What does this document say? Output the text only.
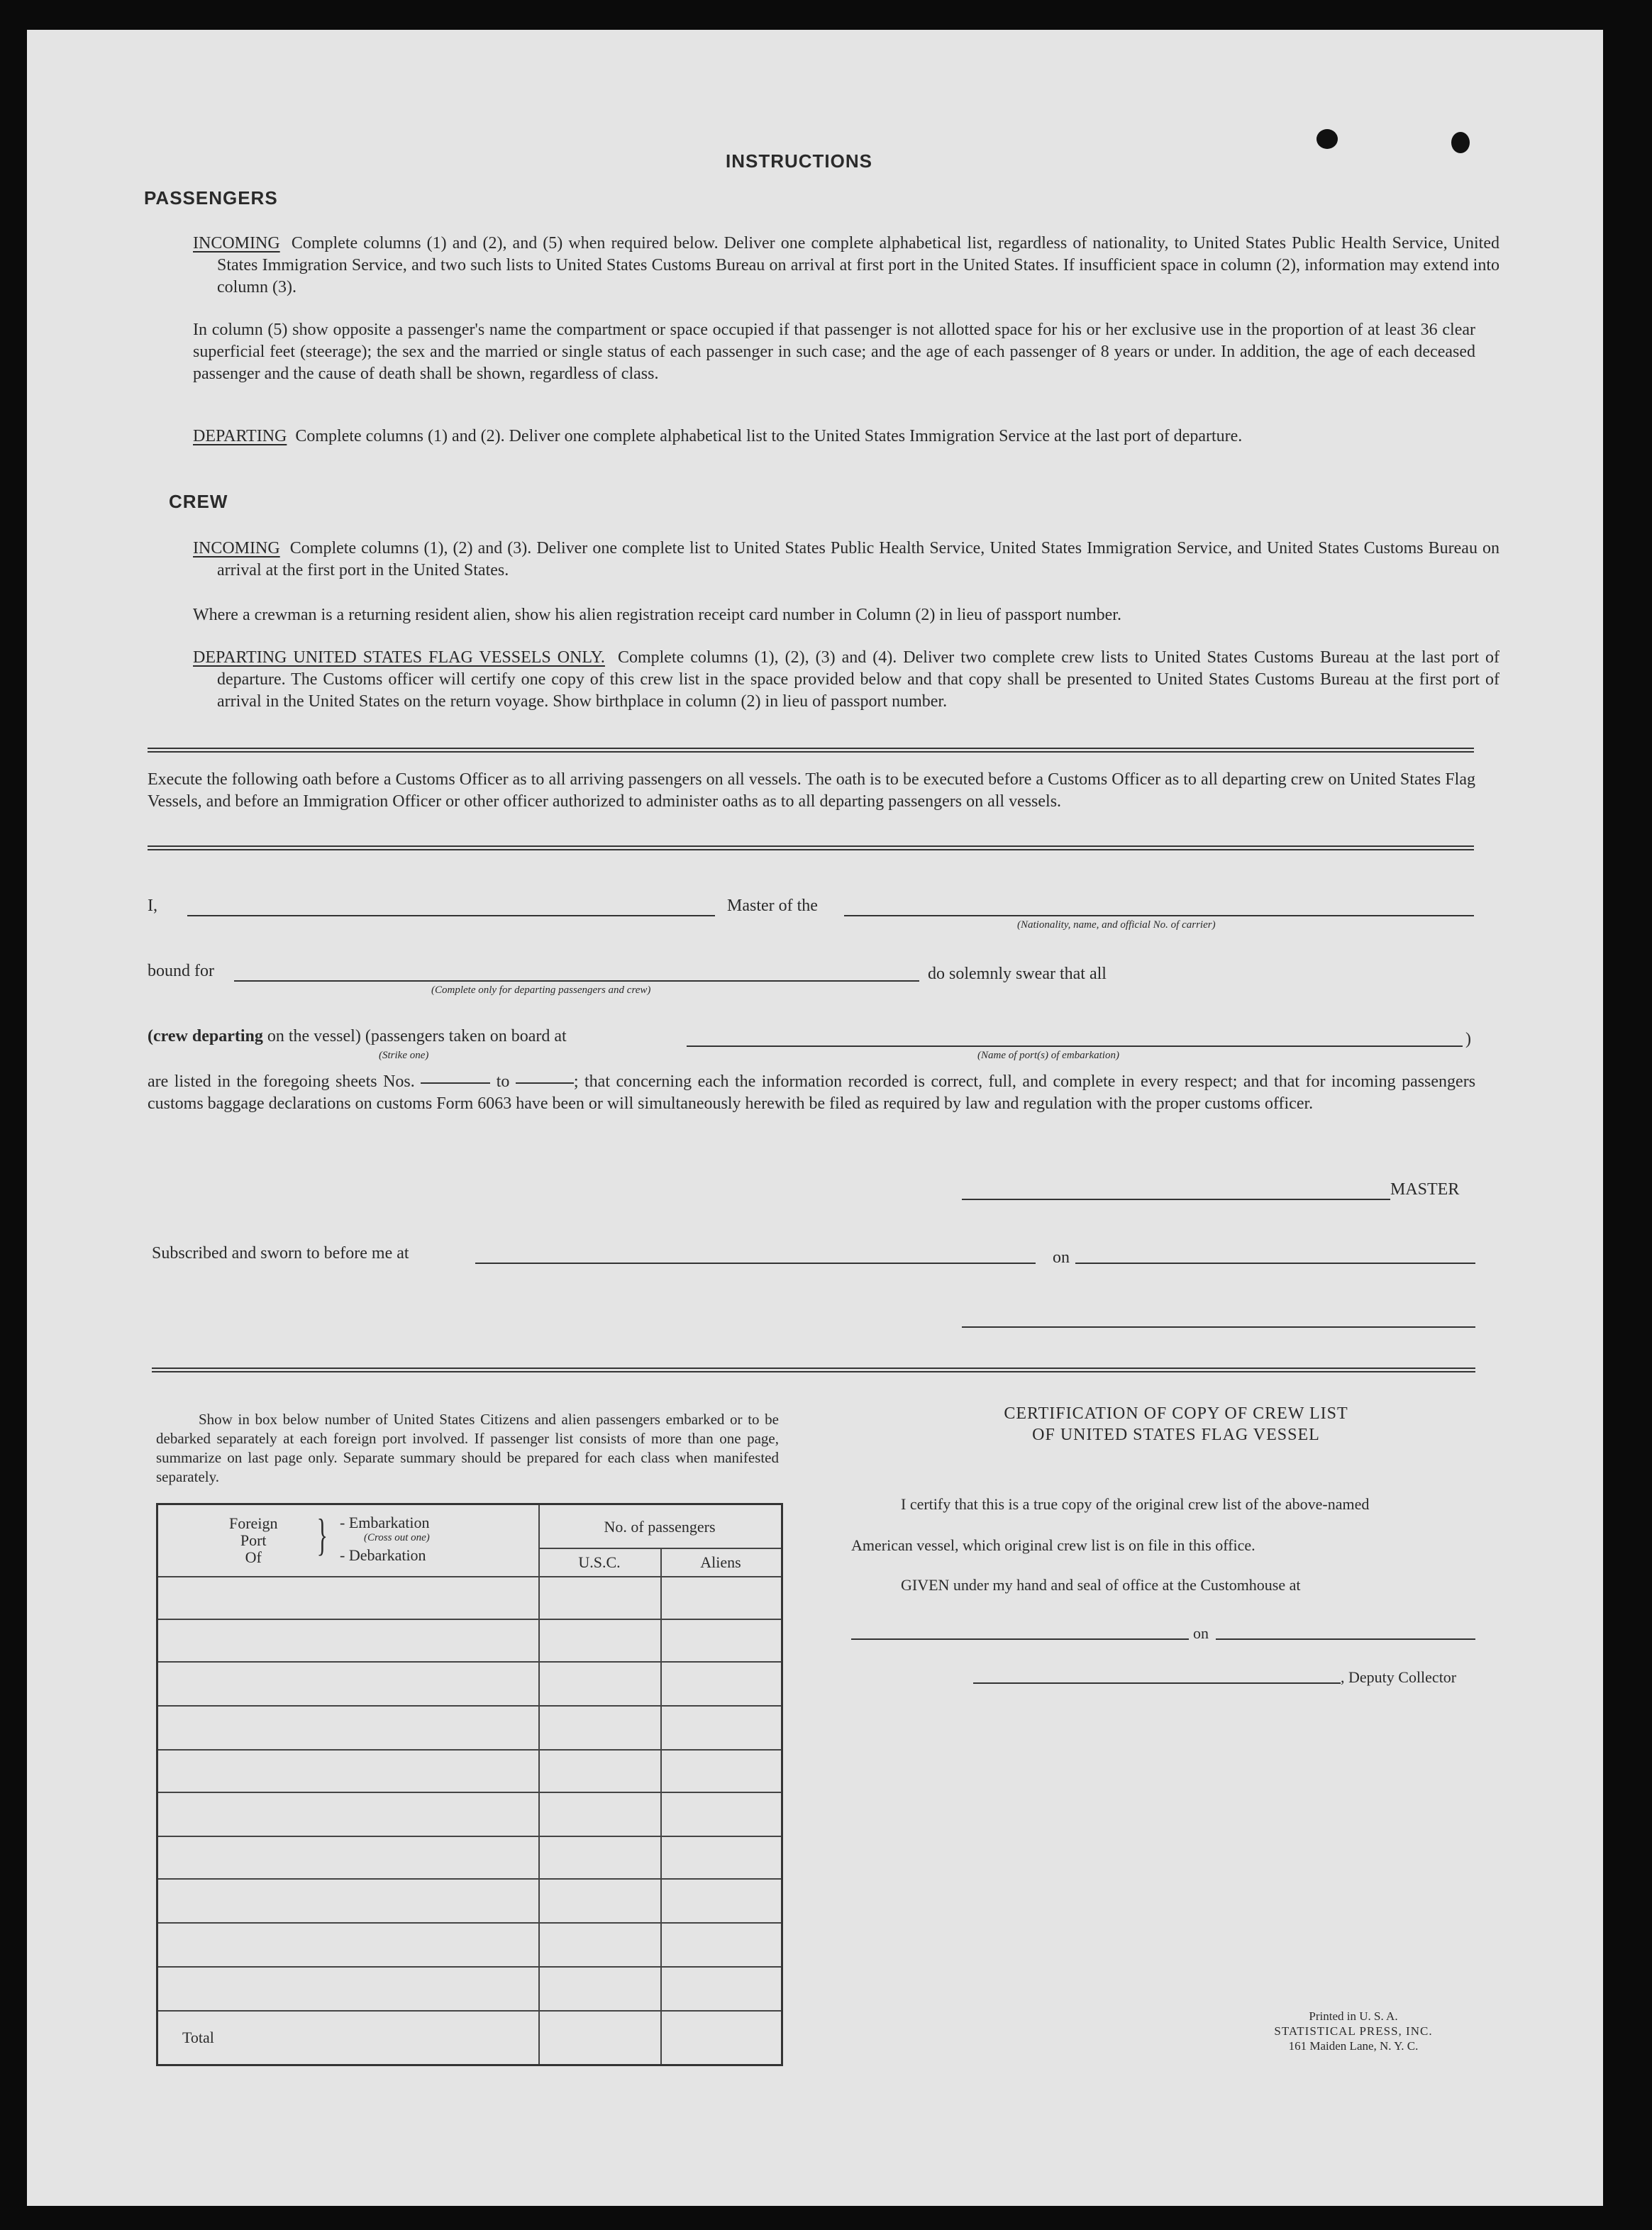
INSTRUCTIONS
PASSENGERS
INCOMING Complete columns (1) and (2), and (5) when required below. Deliver one complete alphabetical list, regardless of nationality, to United States Public Health Service, United States Immigration Service, and two such lists to United States Customs Bureau on arrival at first port in the United States. If insufficient space in column (2), information may extend into column (3).
In column (5) show opposite a passenger's name the compartment or space occupied if that passenger is not allotted space for his or her exclusive use in the proportion of at least 36 clear superficial feet (steerage); the sex and the married or single status of each passenger in such case; and the age of each passenger of 8 years or under. In addition, the age of each deceased passenger and the cause of death shall be shown, regardless of class.
DEPARTING Complete columns (1) and (2). Deliver one complete alphabetical list to the United States Immigration Service at the last port of departure.
CREW
INCOMING Complete columns (1), (2) and (3). Deliver one complete list to United States Public Health Service, United States Immigration Service, and United States Customs Bureau on arrival at the first port in the United States.
Where a crewman is a returning resident alien, show his alien registration receipt card number in Column (2) in lieu of passport number.
DEPARTING UNITED STATES FLAG VESSELS ONLY. Complete columns (1), (2), (3) and (4). Deliver two complete crew lists to United States Customs Bureau at the last port of departure. The Customs officer will certify one copy of this crew list in the space provided below and that copy shall be presented to United States Customs Bureau at the first port of arrival in the United States on the return voyage. Show birthplace in column (2) in lieu of passport number.
Execute the following oath before a Customs Officer as to all arriving passengers on all vessels. The oath is to be executed before a Customs Officer as to all departing crew on United States Flag Vessels, and before an Immigration Officer or other officer authorized to administer oaths as to all departing passengers on all vessels.
I,	Master of the
(Nationality, name, and official No. of carrier)
bound for
(Complete only for departing passengers and crew)
do solemnly swear that all
(crew departing on the vessel) (passengers taken on board at
(Strike one)
)
(Name of port(s) of embarkation)
are listed in the foregoing sheets Nos.	to	; that concerning each the information recorded is correct, full, and complete in every respect; and that for incoming passengers customs baggage declarations on customs Form 6063 have been or will simultaneously herewith be filed as required by law and regulation with the proper customs officer.
MASTER
Subscribed and sworn to before me at	on
Show in box below number of United States Citizens and alien passengers embarked or to be debarked separately at each foreign port involved. If passenger list consists of more than one page, summarize on last page only. Separate summary should be prepared for each class when manifested separately.
Foreign
Port
Of	} - Embarkation
(Cross out one)
- Debarkation
No. of passengers
U.S.C.	Aliens
Total
CERTIFICATION OF COPY OF CREW LIST
OF UNITED STATES FLAG VESSEL
I certify that this is a true copy of the original crew list of the above-named
American vessel, which original crew list is on file in this office.
GIVEN under my hand and seal of office at the Customhouse at
on
, Deputy Collector
Printed in U. S. A.
STATISTICAL PRESS, INC.
161 Maiden Lane, N. Y. C.
